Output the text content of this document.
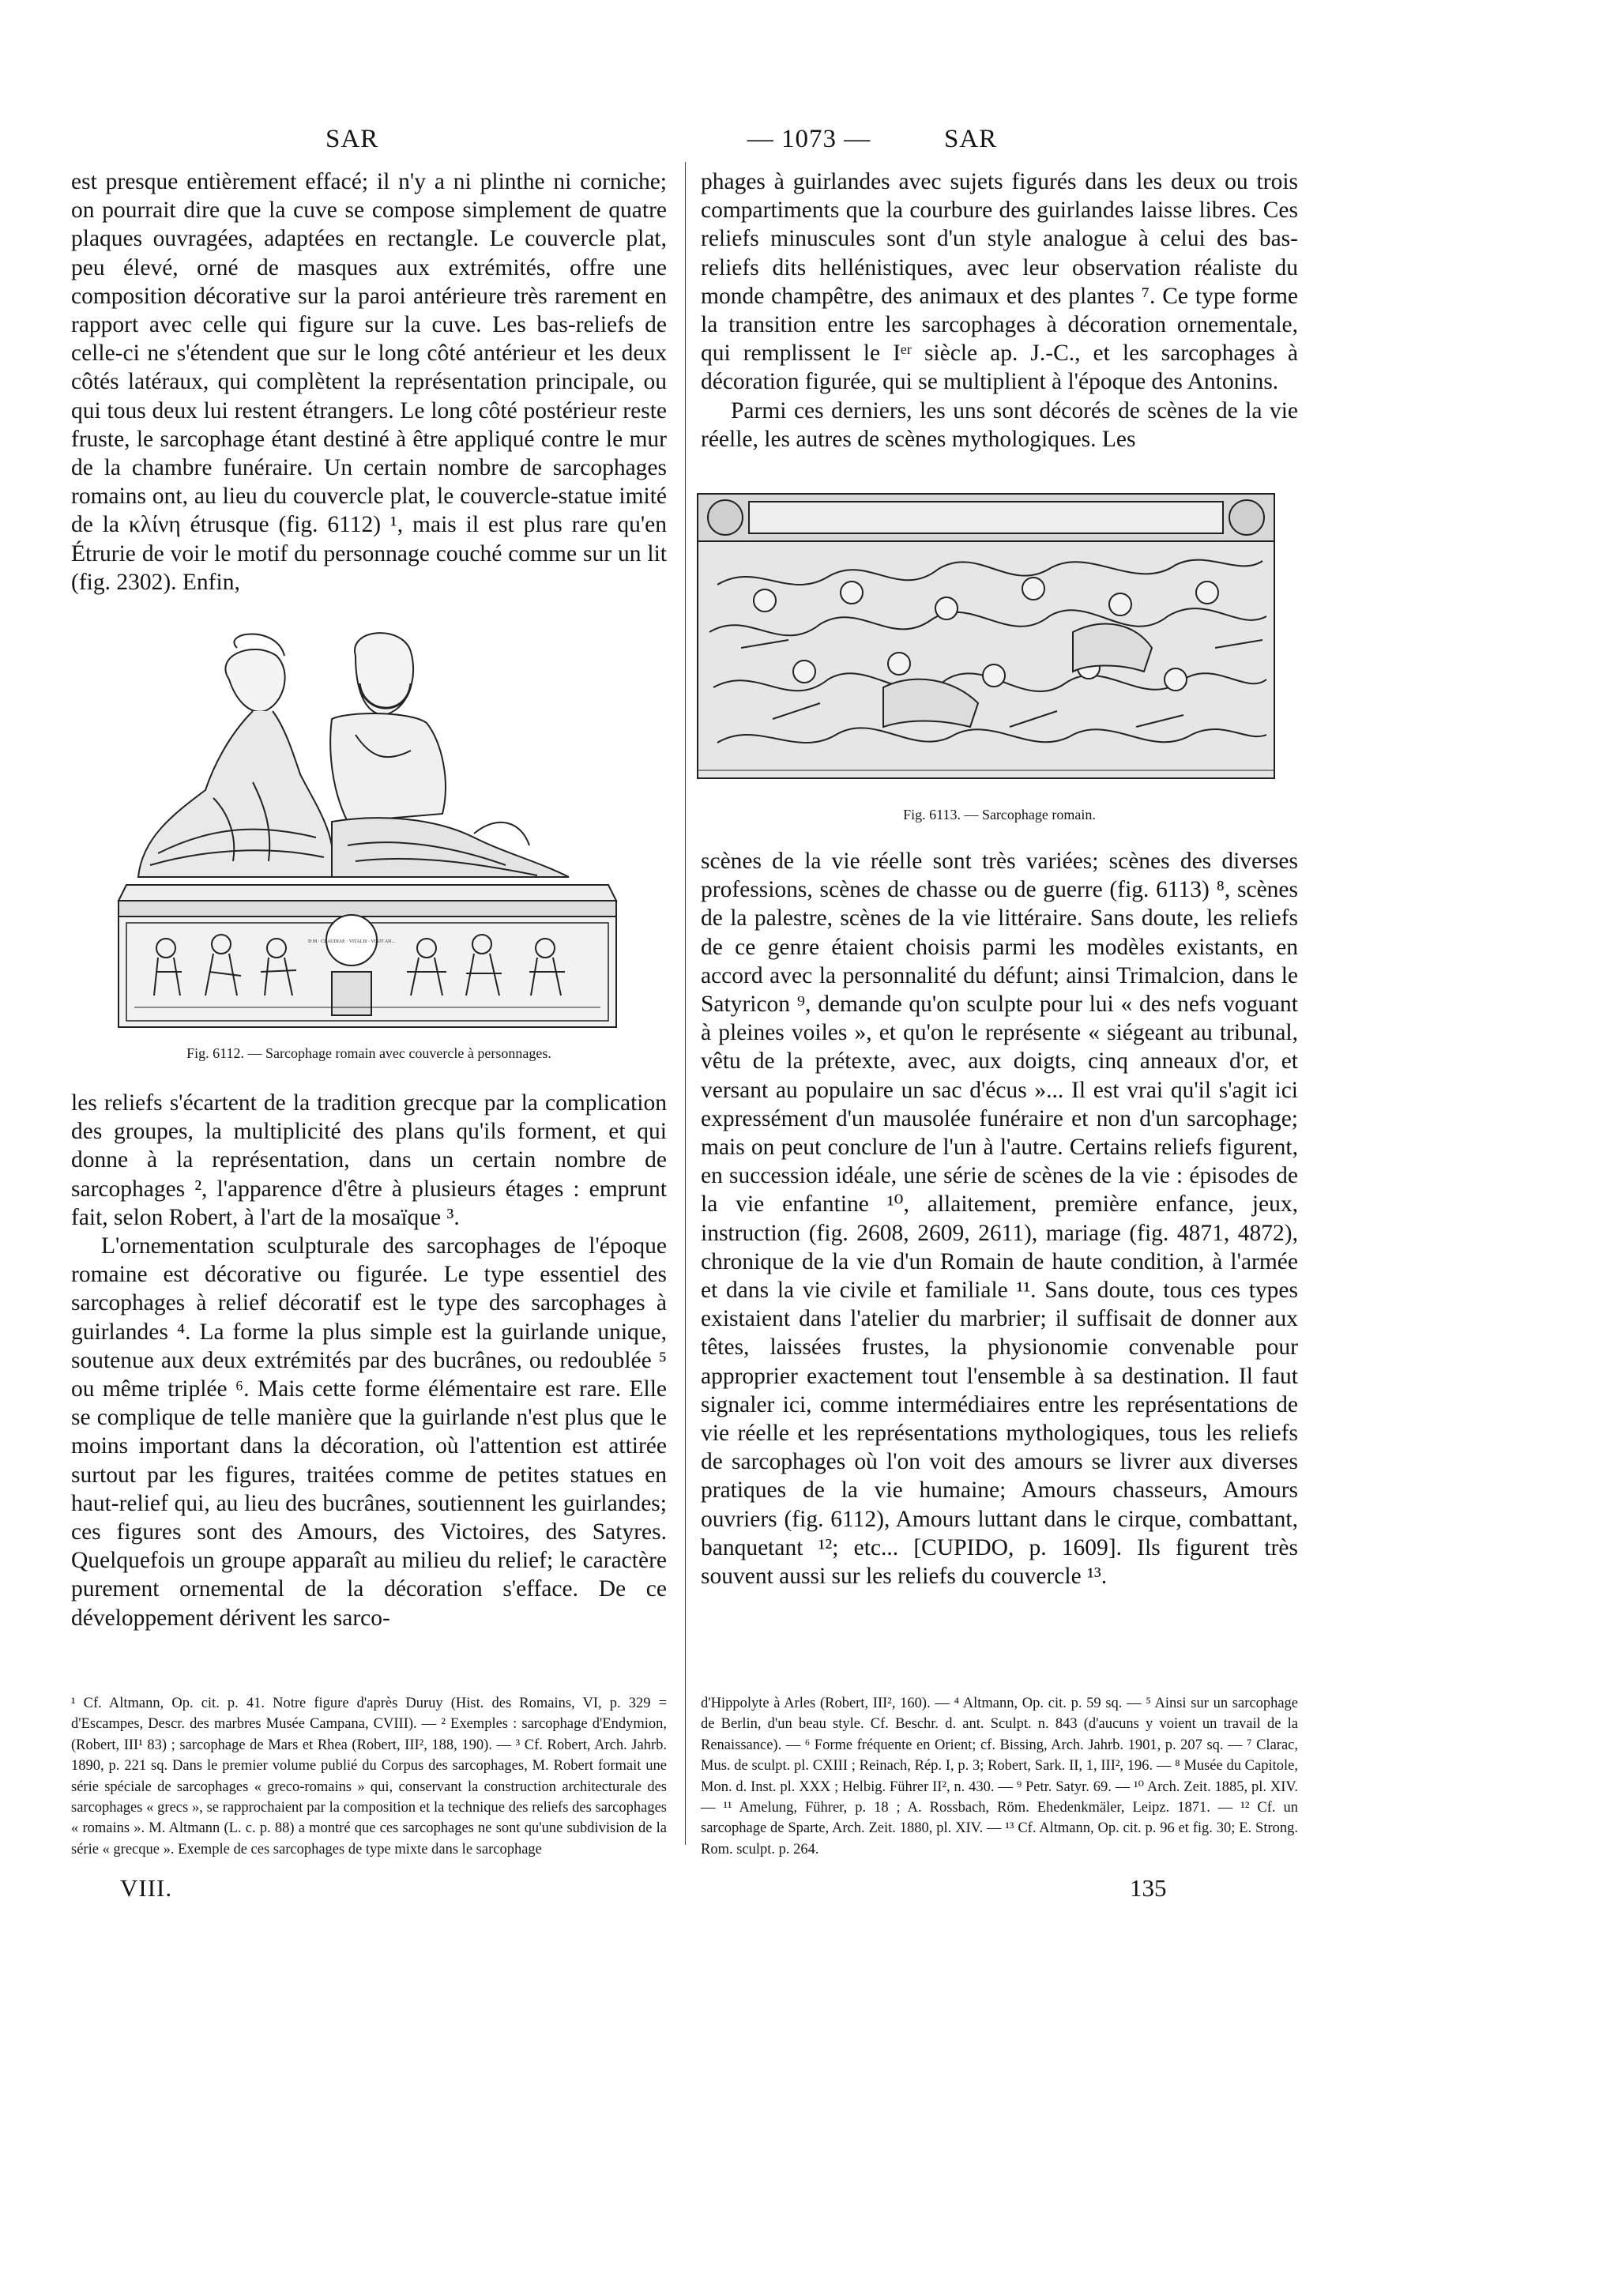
SAR	— 1073 —	SAR

est presque entièrement effacé; il n'y a ni plinthe ni corniche; on pourrait dire que la cuve se compose simplement de quatre plaques ouvragées, adaptées en rectangle. Le couvercle plat, peu élevé, orné de masques aux extrémités, offre une composition décorative sur la paroi antérieure très rarement en rapport avec celle qui figure sur la cuve. Les bas-reliefs de celle-ci ne s'étendent que sur le long côté antérieur et les deux côtés latéraux, qui complètent la représentation principale, ou qui tous deux lui restent étrangers. Le long côté postérieur reste fruste, le sarcophage étant destiné à être appliqué contre le mur de la chambre funéraire. Un certain nombre de sarcophages romains ont, au lieu du couvercle plat, le couvercle-statue imité de la κλίνη étrusque (fig. 6112) ¹, mais il est plus rare qu'en Étrurie de voir le motif du personnage couché comme sur un lit (fig. 2302). Enfin,

D M · CLAUDIAE · VITALIS · VIXIT AN...
Fig. 6112. — Sarcophage romain avec couvercle à personnages.

les reliefs s'écartent de la tradition grecque par la complication des groupes, la multiplicité des plans qu'ils forment, et qui donne à la représentation, dans un certain nombre de sarcophages ², l'apparence d'être à plusieurs étages : emprunt fait, selon Robert, à l'art de la mosaïque ³.

L'ornementation sculpturale des sarcophages de l'époque romaine est décorative ou figurée. Le type essentiel des sarcophages à relief décoratif est le type des sarcophages à guirlandes ⁴. La forme la plus simple est la guirlande unique, soutenue aux deux extrémités par des bucrânes, ou redoublée ⁵ ou même triplée ⁶. Mais cette forme élémentaire est rare. Elle se complique de telle manière que la guirlande n'est plus que le moins important dans la décoration, où l'attention est attirée surtout par les figures, traitées comme de petites statues en haut-relief qui, au lieu des bucrânes, soutiennent les guirlandes; ces figures sont des Amours, des Victoires, des Satyres. Quelquefois un groupe apparaît au milieu du relief; le caractère purement ornemental de la décoration s'efface. De ce développement dérivent les sarco-

phages à guirlandes avec sujets figurés dans les deux ou trois compartiments que la courbure des guirlandes laisse libres. Ces reliefs minuscules sont d'un style analogue à celui des bas-reliefs dits hellénistiques, avec leur observation réaliste du monde champêtre, des animaux et des plantes ⁷. Ce type forme la transition entre les sarcophages à décoration ornementale, qui remplissent le Iᵉʳ siècle ap. J.-C., et les sarcophages à décoration figurée, qui se multiplient à l'époque des Antonins.

Parmi ces derniers, les uns sont décorés de scènes de la vie réelle, les autres de scènes mythologiques. Les

Fig. 6113. — Sarcophage romain.

scènes de la vie réelle sont très variées; scènes des diverses professions, scènes de chasse ou de guerre (fig. 6113) ⁸, scènes de la palestre, scènes de la vie littéraire. Sans doute, les reliefs de ce genre étaient choisis parmi les modèles existants, en accord avec la personnalité du défunt; ainsi Trimalcion, dans le Satyricon ⁹, demande qu'on sculpte pour lui « des nefs voguant à pleines voiles », et qu'on le représente « siégeant au tribunal, vêtu de la prétexte, avec, aux doigts, cinq anneaux d'or, et versant au populaire un sac d'écus »... Il est vrai qu'il s'agit ici expressément d'un mausolée funéraire et non d'un sarcophage; mais on peut conclure de l'un à l'autre. Certains reliefs figurent, en succession idéale, une série de scènes de la vie : épisodes de la vie enfantine ¹⁰, allaitement, première enfance, jeux, instruction (fig. 2608, 2609, 2611), mariage (fig. 4871, 4872), chronique de la vie d'un Romain de haute condition, à l'armée et dans la vie civile et familiale ¹¹. Sans doute, tous ces types existaient dans l'atelier du marbrier; il suffisait de donner aux têtes, laissées frustes, la physionomie convenable pour approprier exactement tout l'ensemble à sa destination. Il faut signaler ici, comme intermédiaires entre les représentations de vie réelle et les représentations mythologiques, tous les reliefs de sarcophages où l'on voit des amours se livrer aux diverses pratiques de la vie humaine; Amours chasseurs, Amours ouvriers (fig. 6112), Amours luttant dans le cirque, combattant, banquetant ¹²; etc... [CUPIDO, p. 1609]. Ils figurent très souvent aussi sur les reliefs du couvercle ¹³.

¹ Cf. Altmann, Op. cit. p. 41. Notre figure d'après Duruy (Hist. des Romains, VI, p. 329 = d'Escampes, Descr. des marbres Musée Campana, CVIII). — ² Exemples : sarcophage d'Endymion, (Robert, III¹ 83) ; sarcophage de Mars et Rhea (Robert, III², 188, 190). — ³ Cf. Robert, Arch. Jahrb. 1890, p. 221 sq. Dans le premier volume publié du Corpus des sarcophages, M. Robert formait une série spéciale de sarcophages « greco-romains » qui, conservant la construction architecturale des sarcophages « grecs », se rapprochaient par la composition et la technique des reliefs des sarcophages « romains ». M. Altmann (L. c. p. 88) a montré que ces sarcophages ne sont qu'une subdivision de la série « grecque ». Exemple de ces sarcophages de type mixte dans le sarcophage
d'Hippolyte à Arles (Robert, III², 160). — ⁴ Altmann, Op. cit. p. 59 sq. — ⁵ Ainsi sur un sarcophage de Berlin, d'un beau style. Cf. Beschr. d. ant. Sculpt. n. 843 (d'aucuns y voient un travail de la Renaissance). — ⁶ Forme fréquente en Orient; cf. Bissing, Arch. Jahrb. 1901, p. 207 sq. — ⁷ Clarac, Mus. de sculpt. pl. CXIII ; Reinach, Rép. I, p. 3; Robert, Sark. II, 1, III², 196. — ⁸ Musée du Capitole, Mon. d. Inst. pl. XXX ; Helbig. Führer II², n. 430. — ⁹ Petr. Satyr. 69. — ¹⁰ Arch. Zeit. 1885, pl. XIV. — ¹¹ Amelung, Führer, p. 18 ; A. Rossbach, Röm. Ehedenkmäler, Leipz. 1871. — ¹² Cf. un sarcophage de Sparte, Arch. Zeit. 1880, pl. XIV. — ¹³ Cf. Altmann, Op. cit. p. 96 et fig. 30; E. Strong. Rom. sculpt. p. 264.
VIII.	135
